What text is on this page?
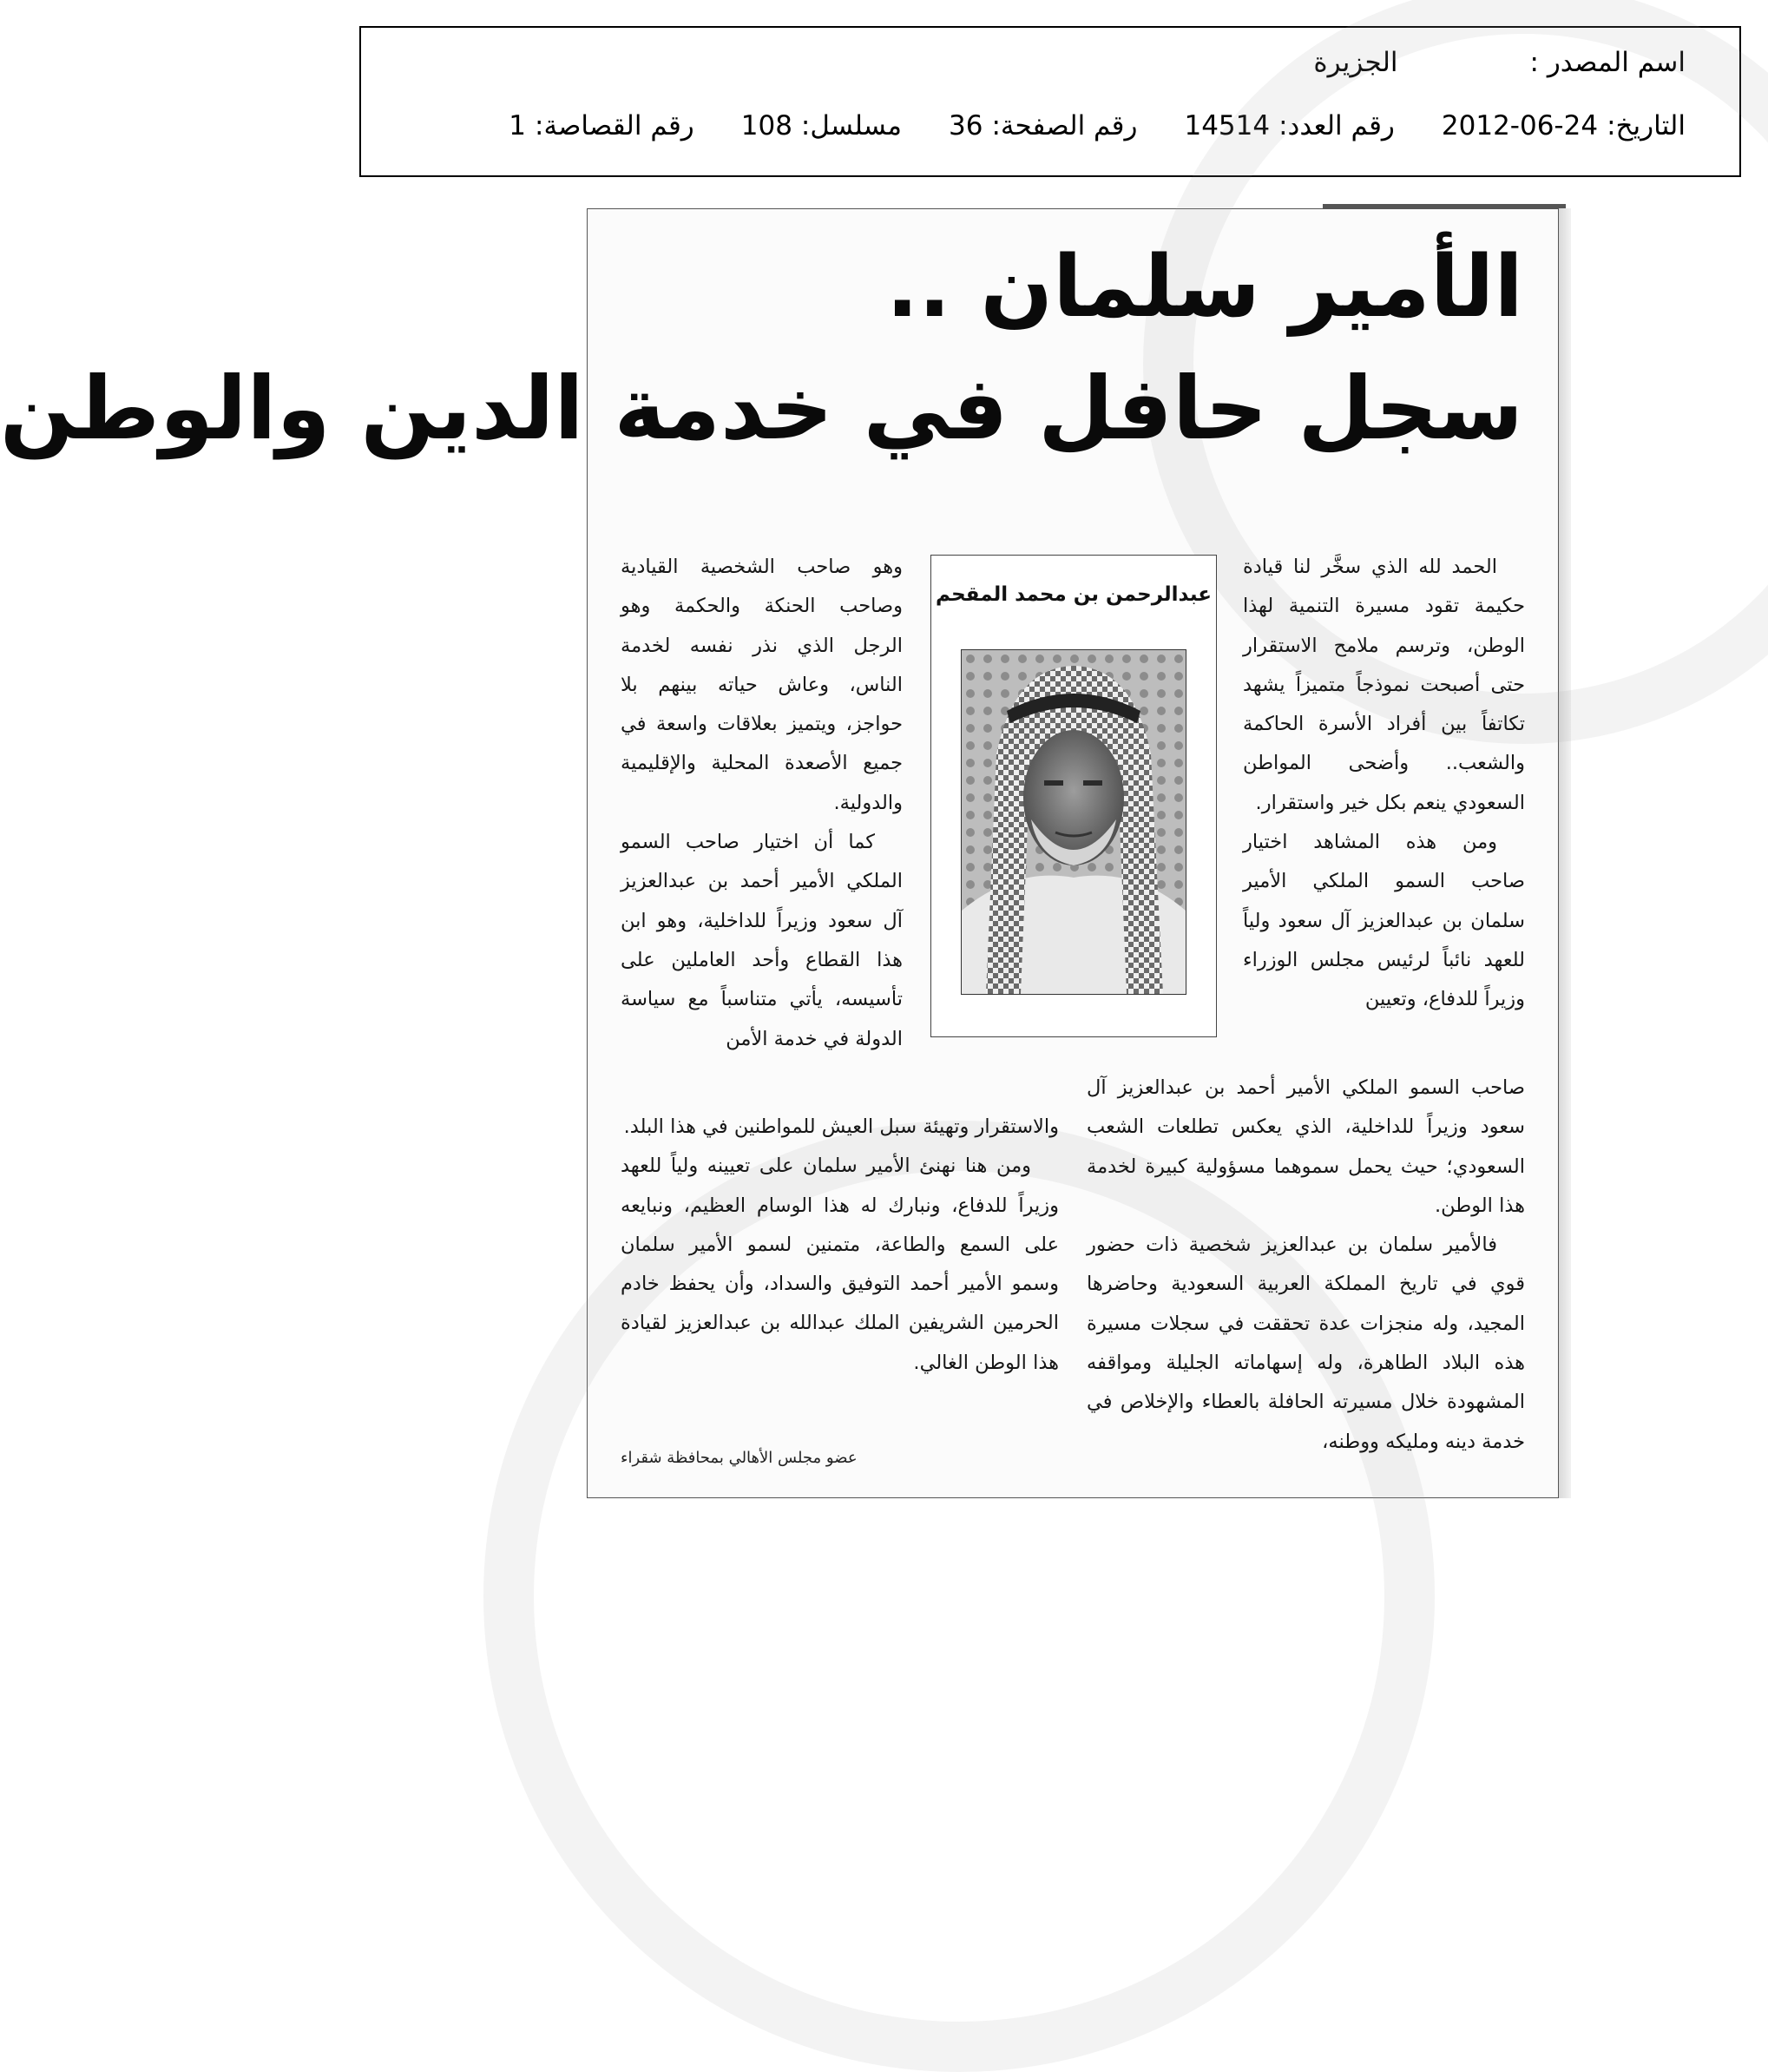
اسم المصدر :
الجزيرة
التاريخ:
2012-06-24
رقم العدد:
14514
رقم الصفحة:
36
مسلسل:
108
رقم القصاصة:
1
الأمير سلمان ..
سجل حافل في خدمة الدين والوطن

الحمد لله الذي سخَّر لنا قيادة حكيمة تقود مسيرة التنمية لهذا الوطن، وترسم ملامح الاستقرار حتى أصبحت نموذجاً متميزاً يشهد تكاتفاً بين أفراد الأسرة الحاكمة والشعب.. وأضحى المواطن السعودي ينعم بكل خير واستقرار.

ومن هذه المشاهد اختيار صاحب السمو الملكي الأمير سلمان بن عبدالعزيز آل سعود ولياً للعهد نائباً لرئيس مجلس الوزراء وزيراً للدفاع، وتعيين

عبدالرحمن بن محمد المقحم

وهو صاحب الشخصية القيادية وصاحب الحنكة والحكمة وهو الرجل الذي نذر نفسه لخدمة الناس، وعاش حياته بينهم بلا حواجز، ويتميز بعلاقات واسعة في جميع الأصعدة المحلية والإقليمية والدولية.

كما أن اختيار صاحب السمو الملكي الأمير أحمد بن عبدالعزيز آل سعود وزيراً للداخلية، وهو ابن هذا القطاع وأحد العاملين على تأسيسه، يأتي متناسباً مع سياسة الدولة في خدمة الأمن

صاحب السمو الملكي الأمير أحمد بن عبدالعزيز آل سعود وزيراً للداخلية، الذي يعكس تطلعات الشعب السعودي؛ حيث يحمل سموهما مسؤولية كبيرة لخدمة هذا الوطن.

فالأمير سلمان بن عبدالعزيز شخصية ذات حضور قوي في تاريخ المملكة العربية السعودية وحاضرها المجيد، وله منجزات عدة تحققت في سجلات مسيرة هذه البلاد الطاهرة، وله إسهاماته الجليلة ومواقفه المشهودة خلال مسيرته الحافلة بالعطاء والإخلاص في خدمة دينه ومليكه ووطنه،

والاستقرار وتهيئة سبل العيش للمواطنين في هذا البلد.

ومن هنا نهنئ الأمير سلمان على تعيينه ولياً للعهد وزيراً للدفاع، ونبارك له هذا الوسام العظيم، ونبايعه على السمع والطاعة، متمنين لسمو الأمير سلمان وسمو الأمير أحمد التوفيق والسداد، وأن يحفظ خادم الحرمين الشريفين الملك عبدالله بن عبدالعزيز لقيادة هذا الوطن الغالي.

عضو مجلس الأهالي بمحافظة شقراء
